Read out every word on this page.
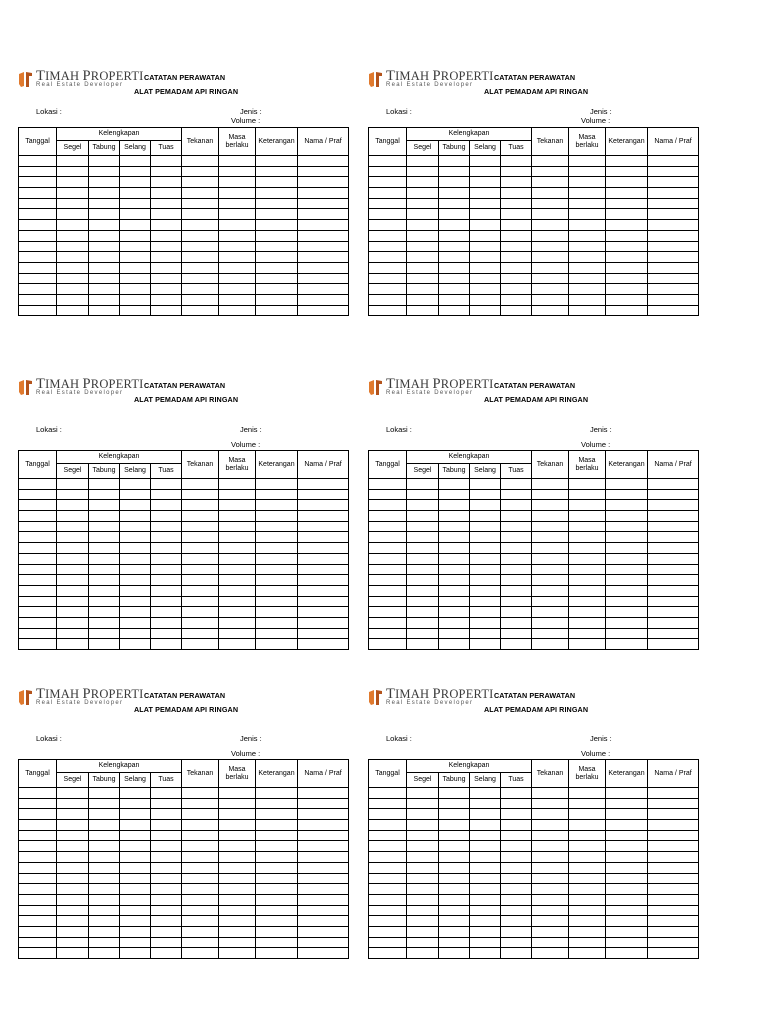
TIMAH PROPERTI
Real Estate Developer
CATATAN PERAWATAN
ALAT PEMADAM API RINGAN
Lokasi :	Jenis :
Volume :
Tanggal	Kelengkapan				Tekanan	Masa berlaku	Keterangan	Nama / Praf
	Segel	Tabung	Selang	Tuas				

TIMAH PROPERTI
Real Estate Developer
CATATAN PERAWATAN
ALAT PEMADAM API RINGAN
Lokasi :	Jenis :
Volume :
Tanggal	Kelengkapan				Tekanan	Masa berlaku	Keterangan	Nama / Praf
	Segel	Tabung	Selang	Tuas				

TIMAH PROPERTI
Real Estate Developer
CATATAN PERAWATAN
ALAT PEMADAM API RINGAN
Lokasi :	Jenis :
Volume :
Tanggal	Kelengkapan				Tekanan	Masa berlaku	Keterangan	Nama / Praf
	Segel	Tabung	Selang	Tuas				

TIMAH PROPERTI
Real Estate Developer
CATATAN PERAWATAN
ALAT PEMADAM API RINGAN
Lokasi :	Jenis :
Volume :
Tanggal	Kelengkapan				Tekanan	Masa berlaku	Keterangan	Nama / Praf
	Segel	Tabung	Selang	Tuas				

TIMAH PROPERTI
Real Estate Developer
CATATAN PERAWATAN
ALAT PEMADAM API RINGAN
Lokasi :	Jenis :
Volume :
Tanggal	Kelengkapan				Tekanan	Masa berlaku	Keterangan	Nama / Praf
	Segel	Tabung	Selang	Tuas				

TIMAH PROPERTI
Real Estate Developer
CATATAN PERAWATAN
ALAT PEMADAM API RINGAN
Lokasi :	Jenis :
Volume :
Tanggal	Kelengkapan				Tekanan	Masa berlaku	Keterangan	Nama / Praf
	Segel	Tabung	Selang	Tuas				
